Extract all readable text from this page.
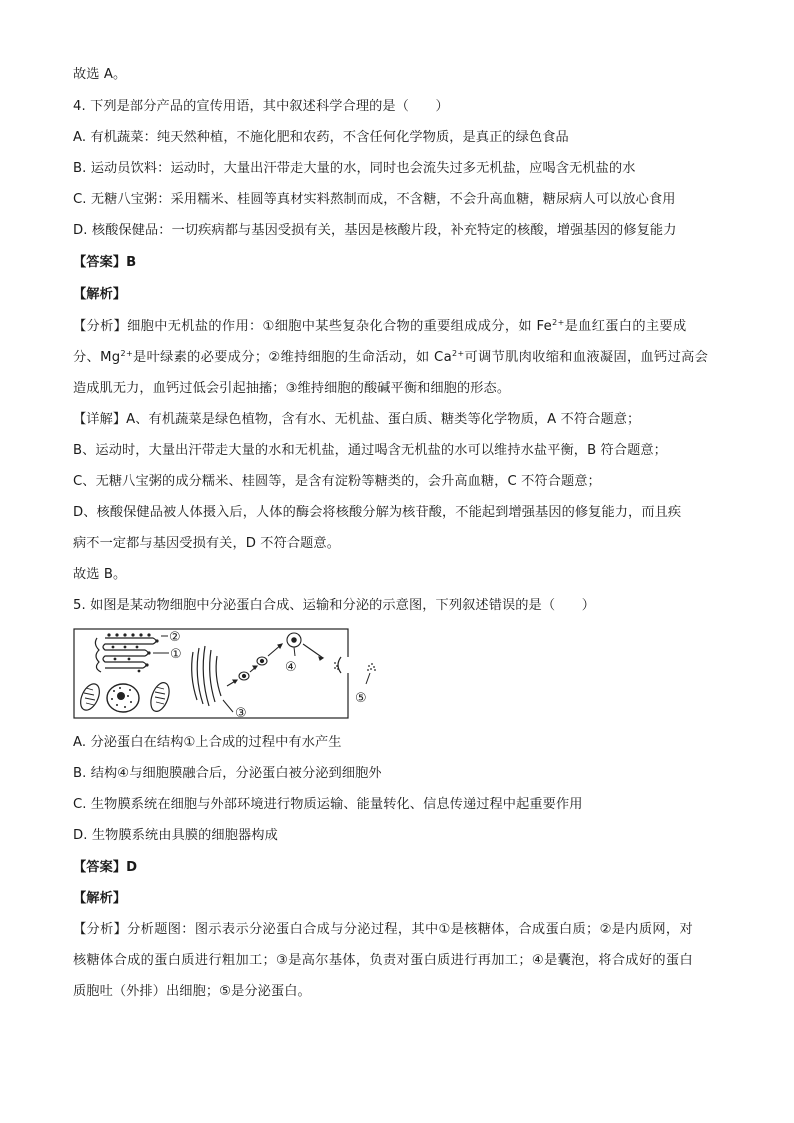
故选 A。
4. 下列是部分产品的宣传用语，其中叙述科学合理的是（　　）
A. 有机蔬菜：纯天然种植，不施化肥和农药，不含任何化学物质，是真正的绿色食品
B. 运动员饮料：运动时，大量出汗带走大量的水，同时也会流失过多无机盐，应喝含无机盐的水
C. 无糖八宝粥：采用糯米、桂圆等真材实料熬制而成，不含糖，不会升高血糖，糖尿病人可以放心食用
D. 核酸保健品：一切疾病都与基因受损有关，基因是核酸片段，补充特定的核酸，增强基因的修复能力
【答案】B
【解析】
【分析】细胞中无机盐的作用：①细胞中某些复杂化合物的重要组成成分，如 $Fe^{2+}$是血红蛋白的主要成
分、$Mg^{2+}$是叶绿素的必要成分；②维持细胞的生命活动，如 $Ca^{2+}$可调节肌肉收缩和血液凝固，血钙过高会
造成肌无力，血钙过低会引起抽搐；③维持细胞的酸碱平衡和细胞的形态。
【详解】A、有机蔬菜是绿色植物，含有水、无机盐、蛋白质、糖类等化学物质，A 不符合题意；
B、运动时，大量出汗带走大量的水和无机盐，通过喝含无机盐的水可以维持水盐平衡，B 符合题意；
C、无糖八宝粥的成分糯米、桂圆等，是含有淀粉等糖类的，会升高血糖，C 不符合题意；
D、核酸保健品被人体摄入后，人体的酶会将核酸分解为核苷酸，不能起到增强基因的修复能力，而且疾
病不一定都与基因受损有关，D 不符合题意。
故选 B。
5. 如图是某动物细胞中分泌蛋白合成、运输和分泌的示意图，下列叙述错误的是（　　）
②
①
③
④
⑤
A. 分泌蛋白在结构①上合成的过程中有水产生
B. 结构④与细胞膜融合后，分泌蛋白被分泌到细胞外
C. 生物膜系统在细胞与外部环境进行物质运输、能量转化、信息传递过程中起重要作用
D. 生物膜系统由具膜的细胞器构成
【答案】D
【解析】
【分析】分析题图：图示表示分泌蛋白合成与分泌过程，其中①是核糖体，合成蛋白质；②是内质网，对
核糖体合成的蛋白质进行粗加工；③是高尔基体，负责对蛋白质进行再加工；④是囊泡，将合成好的蛋白
质胞吐（外排）出细胞；⑤是分泌蛋白。
